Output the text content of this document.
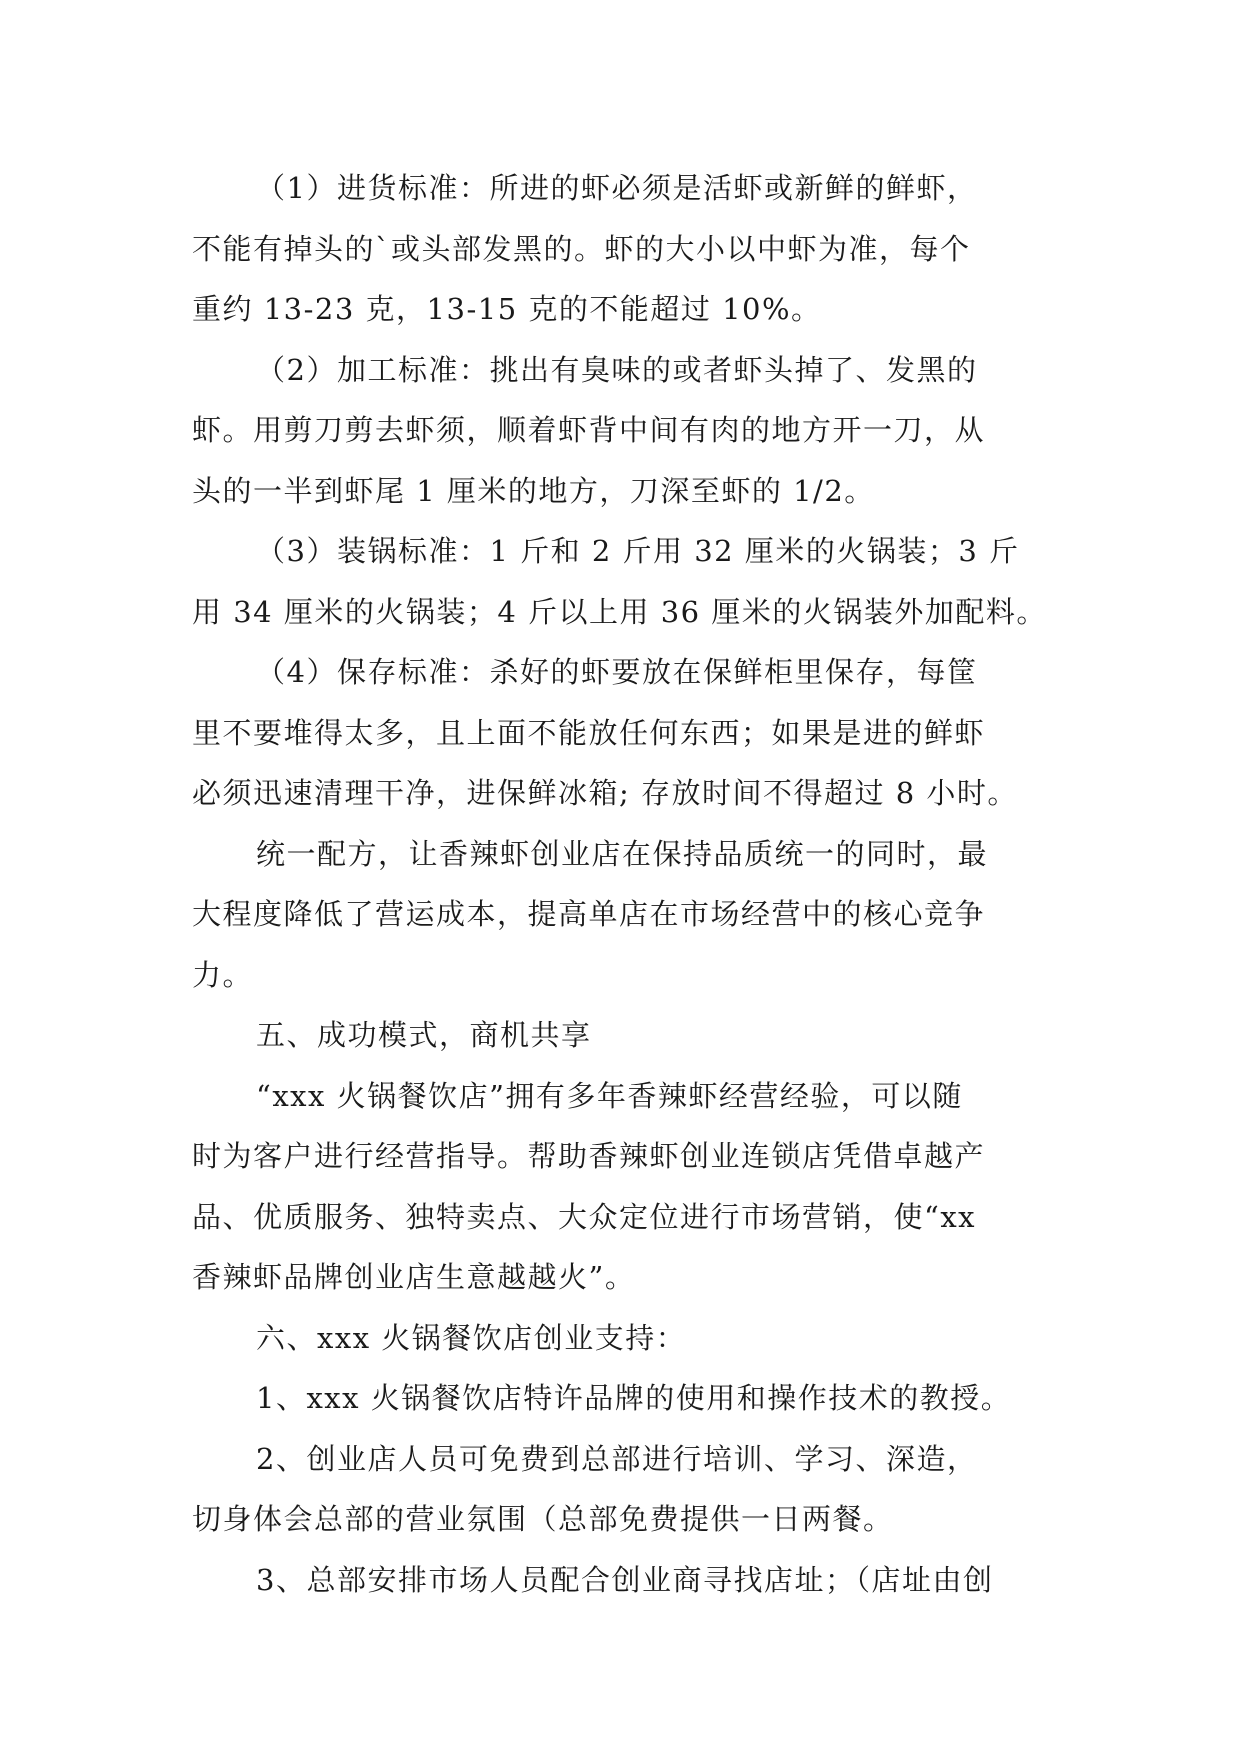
（1）进货标准：所进的虾必须是活虾或新鲜的鲜虾，
不能有掉头的`或头部发黑的。虾的大小以中虾为准，每个
重约 13-23 克，13-15 克的不能超过 10%。

（2）加工标准：挑出有臭味的或者虾头掉了、发黑的
虾。用剪刀剪去虾须，顺着虾背中间有肉的地方开一刀，从
头的一半到虾尾 1 厘米的地方，刀深至虾的 1/2。

（3）装锅标准：1 斤和 2 斤用 32 厘米的火锅装；3 斤
用 34 厘米的火锅装；4 斤以上用 36 厘米的火锅装外加配料。

（4）保存标准：杀好的虾要放在保鲜柜里保存，每筐
里不要堆得太多，且上面不能放任何东西；如果是进的鲜虾
必须迅速清理干净，进保鲜冰箱; 存放时间不得超过 8 小时。

统一配方，让香辣虾创业店在保持品质统一的同时，最
大程度降低了营运成本，提高单店在市场经营中的核心竞争
力。

五、成功模式，商机共享

“xxx 火锅餐饮店”拥有多年香辣虾经营经验，可以随
时为客户进行经营指导。帮助香辣虾创业连锁店凭借卓越产
品、优质服务、独特卖点、大众定位进行市场营销，使“xx
香辣虾品牌创业店生意越越火”。

六、xxx 火锅餐饮店创业支持：

1、xxx 火锅餐饮店特许品牌的使用和操作技术的教授。

2、创业店人员可免费到总部进行培训、学习、深造，
切身体会总部的营业氛围（总部免费提供一日两餐。

3、总部安排市场人员配合创业商寻找店址；（店址由创
